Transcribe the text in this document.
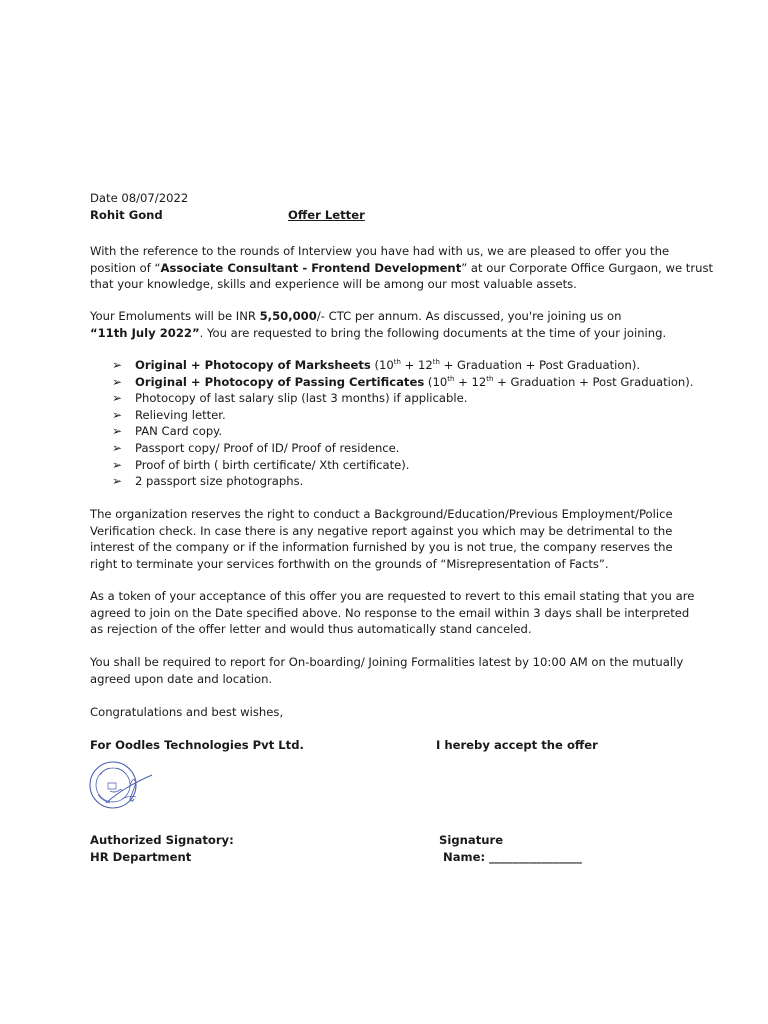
Date 08/07/2022
Rohit Gond	Offer Letter

With the reference to the rounds of Interview you have had with us, we are pleased to offer you the

position of “Associate Consultant - Frontend Development” at our Corporate Office Gurgaon, we trust

that your knowledge, skills and experience will be among our most valuable assets.

Your Emoluments will be INR 5,50,000/- CTC per annum. As discussed, you're joining us on

“11th July 2022”. You are requested to bring the following documents at the time of your joining.

➢ Original + Photocopy of Marksheets (10th + 12th + Graduation + Post Graduation).
➢ Original + Photocopy of Passing Certificates (10th + 12th + Graduation + Post Graduation).
➢ Photocopy of last salary slip (last 3 months) if applicable.
➢ Relieving letter.
➢ PAN Card copy.
➢ Passport copy/ Proof of ID/ Proof of residence.
➢ Proof of birth ( birth certificate/ Xth certificate).
➢ 2 passport size photographs.

The organization reserves the right to conduct a Background/Education/Previous Employment/Police

Verification check. In case there is any negative report against you which may be detrimental to the

interest of the company or if the information furnished by you is not true, the company reserves the

right to terminate your services forthwith on the grounds of “Misrepresentation of Facts”.

As a token of your acceptance of this offer you are requested to revert to this email stating that you are

agreed to join on the Date specified above. No response to the email within 3 days shall be interpreted

as rejection of the offer letter and would thus automatically stand canceled.

You shall be required to report for On-boarding/ Joining Formalities latest by 10:00 AM on the mutually

agreed upon date and location.

Congratulations and best wishes,
For Oodles Technologies Pvt Ltd.	I hereby accept the offer
Authorized Signatory:
HR Department
Signature
Name: ________________
